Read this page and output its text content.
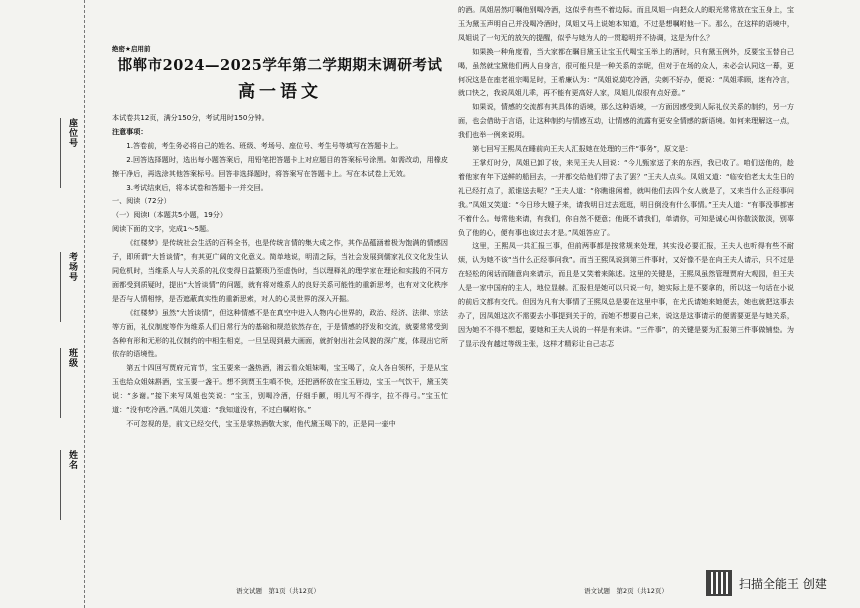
座位号
考场号
班级
姓名
绝密★启用前
邯郸市2024—2025学年第二学期期末调研考试
高一语文

本试卷共12页，满分150分，考试用时150分钟。

注意事项：

1.答卷前，考生务必将自己的姓名、班级、考场号、座位号、考生号等填写在答题卡上。

2.回答选择题时，选出每小题答案后，用铅笔把答题卡上对应题目的答案标号涂黑。如需改动，用橡皮擦干净后，再选涂其他答案标号。回答非选择题时，将答案写在答题卡上。写在本试卷上无效。

3.考试结束后，将本试卷和答题卡一并交回。

一、阅读（72分）

（一）阅读Ⅰ（本题共5小题，19分）

阅读下面的文字，完成1～5题。

《红楼梦》是传统社会生活的百科全书，也是传统言情的集大成之作，其作品蕴涵着极为饱满的情感因子，即所谓“大旨谈情”，有其更广阔的文化意义。简单地说，明清之际，当社会发展到儒家礼仪文化发生认同危机时，当维系人与人关系的礼仪变得日益繁琐乃至虚伪时，当以理释礼的理学家在理论和实践的不同方面都受到质疑时，提出“大旨谈情”的问题，就有将对维系人的良好关系可能性的重新思考，也有对文化秩序是否与人情相悖，是否遮蔽真实性的重新思索，对人的心灵世界的深入开掘。

《红楼梦》虽然“大旨谈情”，但这种情感不是在真空中进入人物内心世界的，政治、经济、法律、宗法等方面，礼仪制度等作为维系人们日常行为的基础和规范依然存在，于是情感的抒发和交流，就要常常受到各种有形和无形的礼仪制约的中相生相克，一旦呈现到最大画面，就折射出社会风貌的深广度，体现出它所依存的语境性。

第五十四回写贾府元宵节，宝玉要来一盏热酒，湘云看众姐妹喝，宝玉喝了，众人各自领杯，于是从宝玉也给众姐妹斟酒，宝玉要一盏干。想不到贾玉生嗔不快，还把酒杯放在宝玉唇边，宝玉一气饮干，黛玉笑说：“多谢。”接下来写凤姐也笑说：“宝玉，别喝冷酒，仔细手颤，明儿写不得字，拉不得弓。”宝玉忙道：“没有吃冷酒。”凤姐儿笑道：“我知道没有，不过白嘱咐你。”

不可忽视的是，前文已经交代，宝玉是掌热酒敬大家，他代黛玉喝下的，正是同一壶中

的酒。凤姐居然叮嘱他别喝冷酒，这似乎有些不着边际。而且凤姐一向把众人的眼光常常放在宝玉身上，宝玉为黛玉声明自己并没喝冷酒时，凤姐又马上说她本知道，不过是想嘱咐他一下。那么，在这样的语境中，凤姐说了一句无的放矢的提醒，似乎与她为人的一贯聪明并不协调，这是为什么？

如果换一种角度看，当大家都在瞩目黛玉让宝玉代喝宝玉举上的酒时，只有黛玉例外，反要宝玉替自己喝，虽然就宝黛他们两人自身言，很可能只是一种关系的亲昵，但对于在场的众人，未必会认同这一幕，更何况这是在座老祖宗喝足时，王希廉认为：“凤姐说莫吃冷酒，尖刺不好办，便说：“凤姐乖顾，迷有冷言，就口快之，我说凤姐儿乖，再不能有更高好人家，凤姐儿似很有点好意。”

如果说，情感的交流都有其具体的语境，那么这种语境，一方面因感受到人际礼仪关系的制约，另一方面，也会借助于言语，让这种制约与情感互动，让情感的流露有更安全情感的新语境。如何来理解这一点，我们也举一例来说明。

第七回写王熙凤在睡前向王夫人汇报她在处理的三件“事务”，原文是：

王掌灯时分，凤姐已卸了妆，来见王夫人回说：“今儿甄家送了来的东西，我已收了。咱们送他的，趁着他家有年下送鲜的船回去，一并都交给他们带了去了罢？”王夫人点头。凤姐又道：“临安伯老太太生日的礼已经打点了，派谁送去呢？”王夫人道：“你瞧谁闲着，就叫他们去四个女人就是了，又来当什么正经事问我。”凤姐又笑道：“今日珍大嫂子来，请我明日过去逛逛，明日倒没有什么事情。”王夫人道：“有事没事都害不着什么。每常他来请，有我们，你自然不便意；他既不请我们，单请你，可知是诚心叫你散淡散淡，别辜负了他的心，便有事也该过去才是。”凤姐答应了。

这里，王熙凤一共汇报三事，但前两事都是按常规来处理，其实没必要汇报，王夫人也听得有些不耐烦，认为她不该“当什么正经事问我”。而当王熙凤说到第三件事时，又好像不是在向王夫人请示，只不过是在轻松的闲话而随意向来请示，而且是又笑着来陈述。这里的关键是，王熙凤虽然管理贾府大观园，但王夫人是一家中国府的主人，地位显赫。汇报但是她可以只说一句，她实际上是不要拿的，所以这一句话在小说的前后文都有交代。但因为凡有大事情了王熙凤总是要在这里中事，在尤氏请她来她便去，她也就把这事去办了，因凤姐这次不需要去小事提到关于的，而她不想要自己来，说这是这事请示的便需要更是与她关系，因为她不不得不想起，要她和王夫人说的一样是有来讲。“三件事”，的关键是要为汇报第三件事做铺垫。为了显示没有越过等级主张，这样才精彩让自己志忑

语文试题　第1页（共12页）	语文试题　第2页（共12页）
扫描全能王 创建
